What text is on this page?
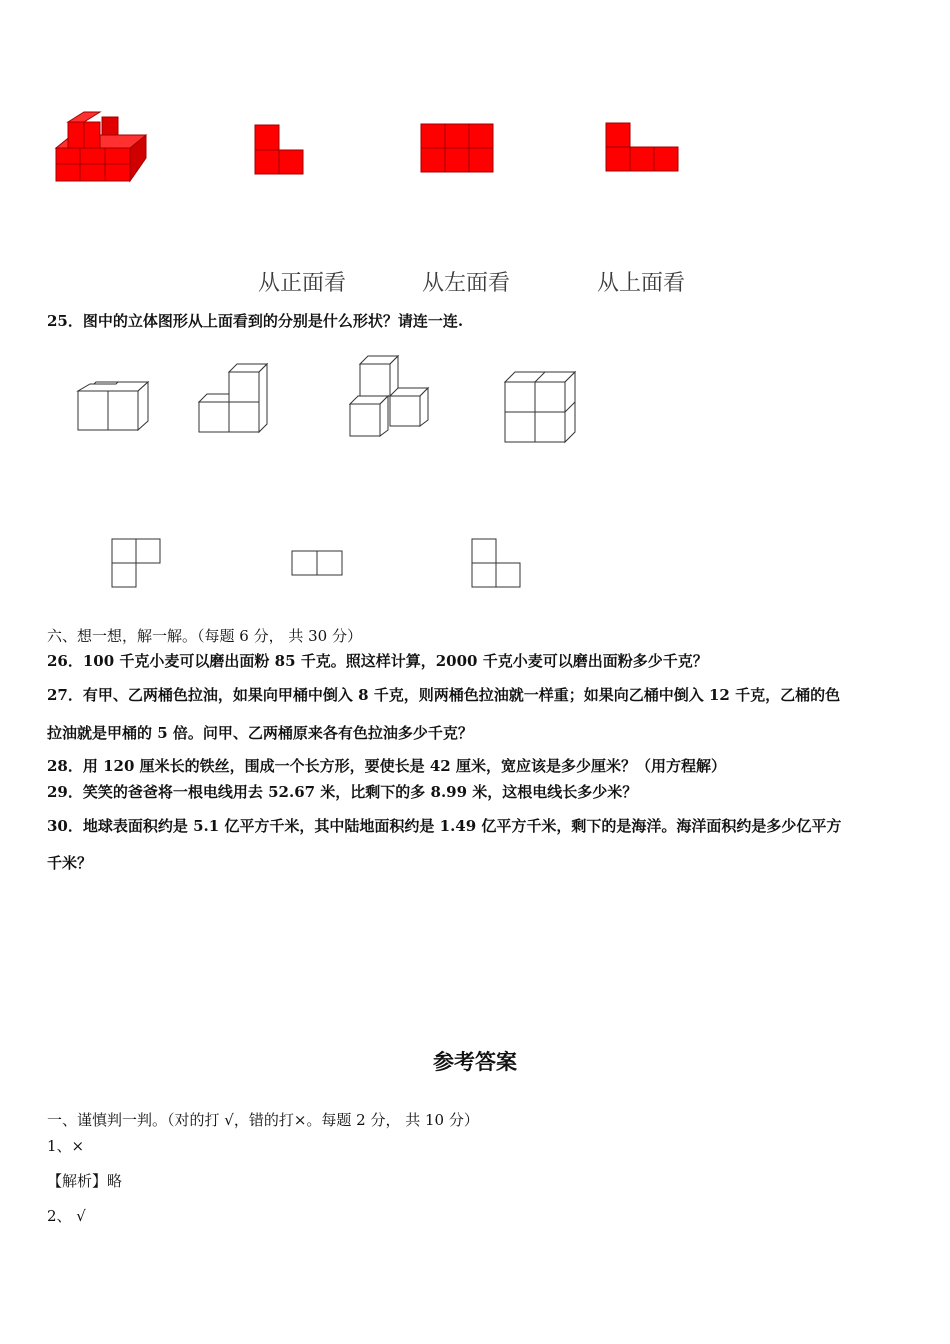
从正面看	从左面看	从上面看
25．图中的立体图形从上面看到的分别是什么形状？请连一连.
六、想一想，解一解。（每题 6 分， 共 30 分）
26．100 千克小麦可以磨出面粉 85 千克。照这样计算，2000 千克小麦可以磨出面粉多少千克？
27．有甲、乙两桶色拉油，如果向甲桶中倒入 8 千克，则两桶色拉油就一样重；如果向乙桶中倒入 12 千克，乙桶的色
拉油就是甲桶的 5 倍。问甲、乙两桶原来各有色拉油多少千克？
28．用 120 厘米长的铁丝，围成一个长方形，要使长是 42 厘米，宽应该是多少厘米？（用方程解）
29．笑笑的爸爸将一根电线用去 52.67 米，比剩下的多 8.99 米，这根电线长多少米？
30．地球表面积约是 5.1 亿平方千米，其中陆地面积约是 1.49 亿平方千米，剩下的是海洋。海洋面积约是多少亿平方
千米？
参考答案
一、谨慎判一判。（对的打 √，错的打×。每题 2 分， 共 10 分）
1、×
【解析】略
2、 √
